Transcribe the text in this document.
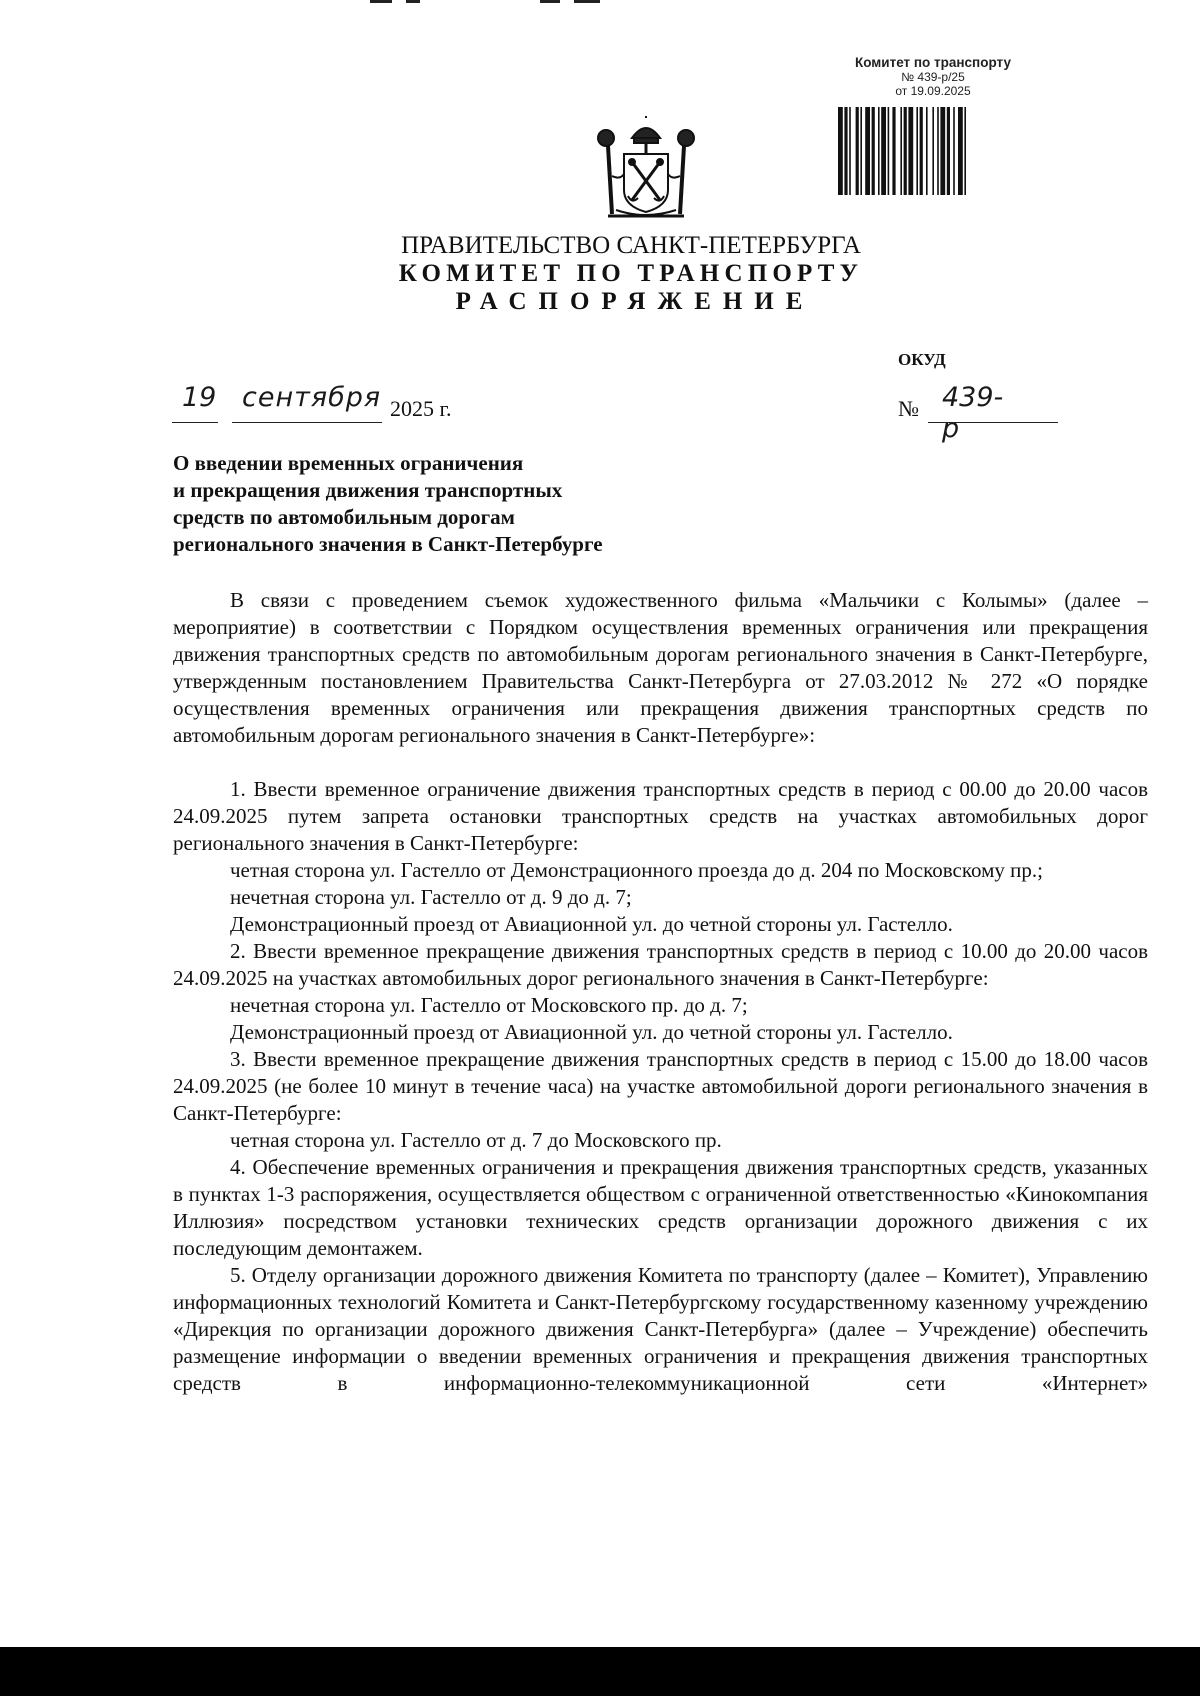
Комитет по транспорту
№ 439-р/25
от 19.09.2025
ПРАВИТЕЛЬСТВО САНКТ-ПЕТЕРБУРГА
КОМИТЕТ ПО ТРАНСПОРТУ
РАСПОРЯЖЕНИЕ
ОКУД
19 сентября 2025 г.	№ 439-р
О введении временных ограничения
и прекращения движения транспортных
средств по автомобильным дорогам
регионального значения в Санкт-Петербурге

В связи с проведением съемок художественного фильма «Мальчики с Колымы» (далее – мероприятие) в соответствии с Порядком осуществления временных ограничения или прекращения движения транспортных средств по автомобильным дорогам регионального значения в Санкт-Петербурге, утвержденным постановлением Правительства Санкт-Петербурга от 27.03.2012 № 272 «О порядке осуществления временных ограничения или прекращения движения транспортных средств по автомобильным дорогам регионального значения в Санкт-Петербурге»:

1. Ввести временное ограничение движения транспортных средств в период с 00.00 до 20.00 часов 24.09.2025 путем запрета остановки транспортных средств на участках автомобильных дорог регионального значения в Санкт-Петербурге:

четная сторона ул. Гастелло от Демонстрационного проезда до д. 204 по Московскому пр.;

нечетная сторона ул. Гастелло от д. 9 до д. 7;

Демонстрационный проезд от Авиационной ул. до четной стороны ул. Гастелло.

2. Ввести временное прекращение движения транспортных средств в период с 10.00 до 20.00 часов 24.09.2025 на участках автомобильных дорог регионального значения в Санкт-Петербурге:

нечетная сторона ул. Гастелло от Московского пр. до д. 7;

Демонстрационный проезд от Авиационной ул. до четной стороны ул. Гастелло.

3. Ввести временное прекращение движения транспортных средств в период с 15.00 до 18.00 часов 24.09.2025 (не более 10 минут в течение часа) на участке автомобильной дороги регионального значения в Санкт-Петербурге:

четная сторона ул. Гастелло от д. 7 до Московского пр.

4. Обеспечение временных ограничения и прекращения движения транспортных средств, указанных в пунктах 1-3 распоряжения, осуществляется обществом с ограниченной ответственностью «Кинокомпания Иллюзия» посредством установки технических средств организации дорожного движения с их последующим демонтажем.

5. Отделу организации дорожного движения Комитета по транспорту (далее – Комитет), Управлению информационных технологий Комитета и Санкт-Петербургскому государственному казенному учреждению «Дирекция по организации дорожного движения Санкт-Петербурга» (далее – Учреждение) обеспечить размещение информации о введении временных ограничения и прекращения движения транспортных средств в информационно-телекоммуникационной сети «Интернет»
